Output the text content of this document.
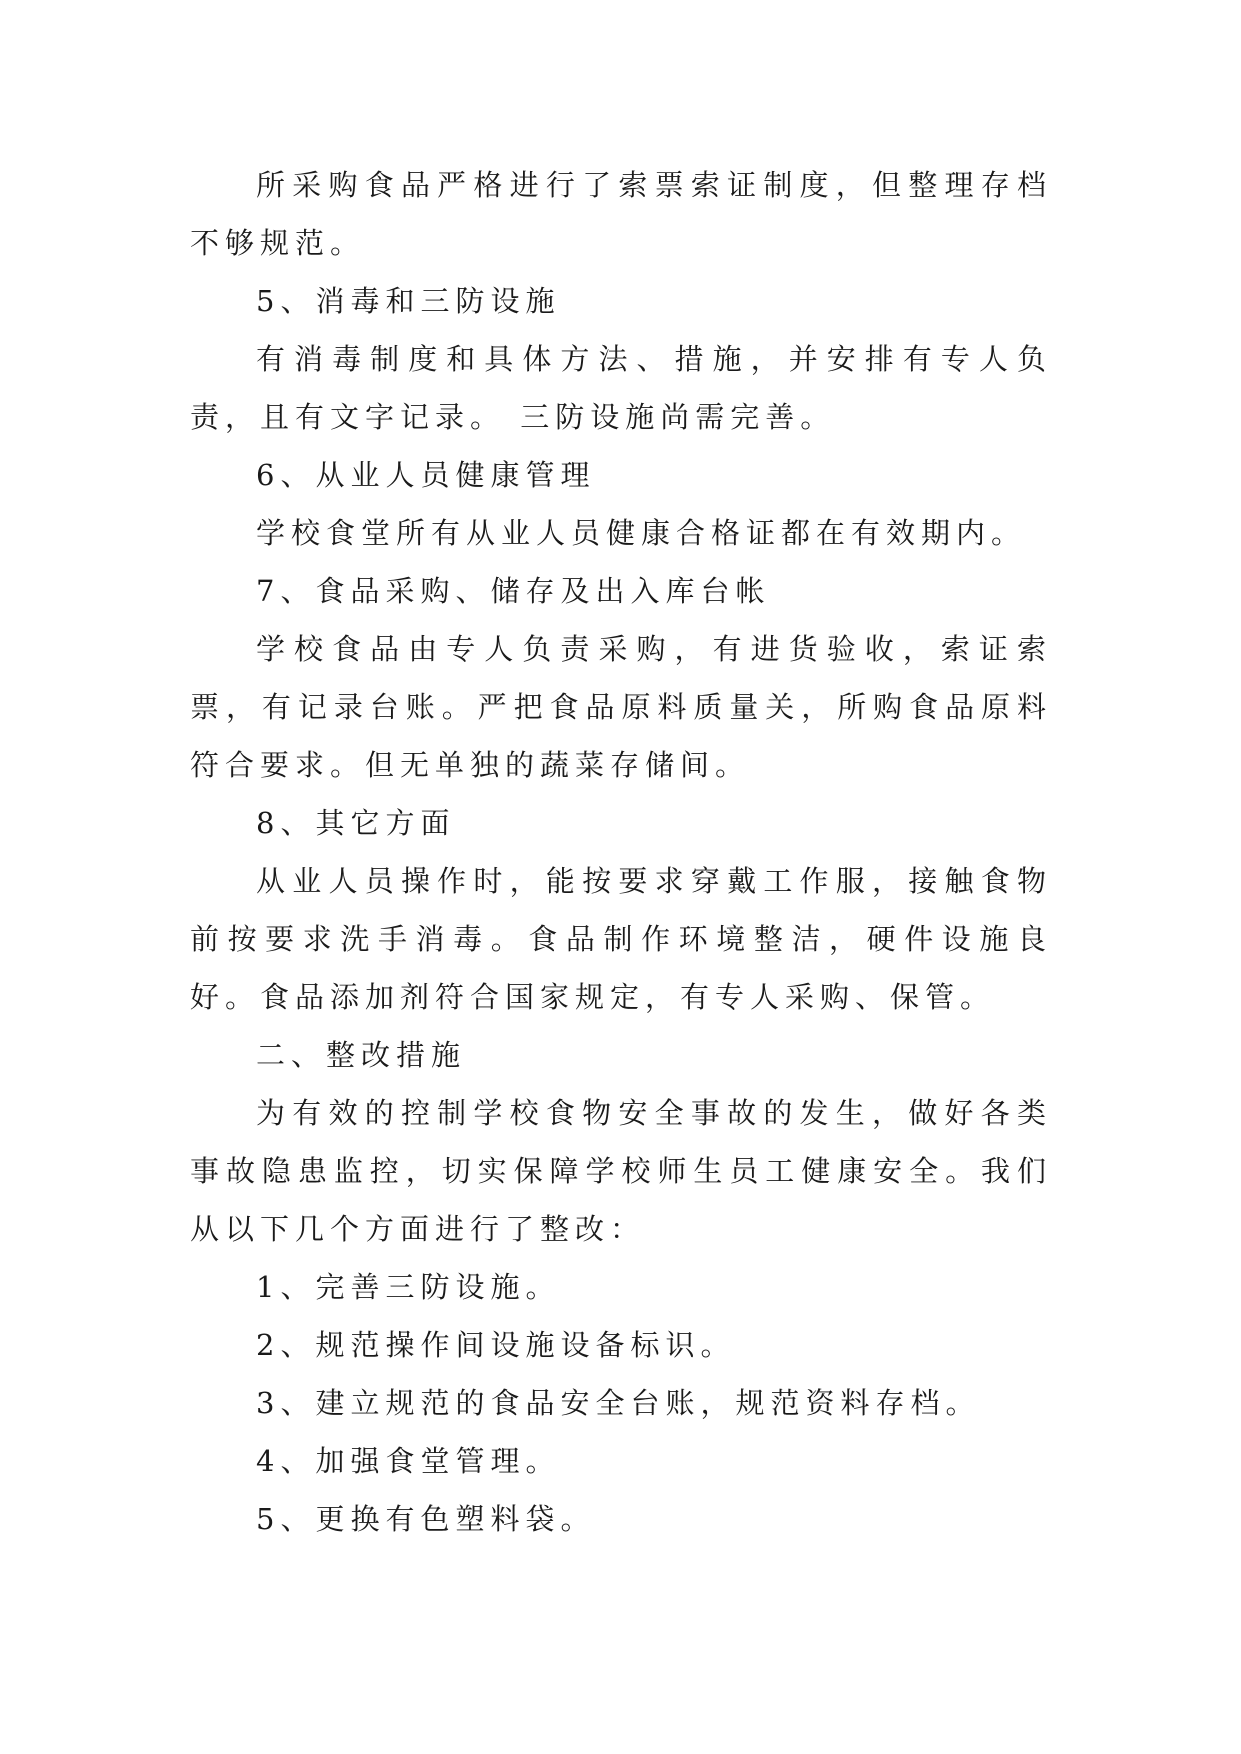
所采购食品严格进行了索票索证制度，但整理存档不够规范。

5、消毒和三防设施

有消毒制度和具体方法、措施，并安排有专人负责，且有文字记录。 三防设施尚需完善。

6、从业人员健康管理

学校食堂所有从业人员健康合格证都在有效期内。

7、食品采购、储存及出入库台帐

学校食品由专人负责采购，有进货验收，索证索票，有记录台账。严把食品原料质量关，所购食品原料符合要求。但无单独的蔬菜存储间。

8、其它方面

从业人员操作时，能按要求穿戴工作服，接触食物前按要求洗手消毒。食品制作环境整洁，硬件设施良好。食品添加剂符合国家规定，有专人采购、保管。

二、整改措施

为有效的控制学校食物安全事故的发生，做好各类事故隐患监控，切实保障学校师生员工健康安全。我们从以下几个方面进行了整改：

1、完善三防设施。

2、规范操作间设施设备标识。

3、建立规范的食品安全台账，规范资料存档。

4、加强食堂管理。

5、更换有色塑料袋。
